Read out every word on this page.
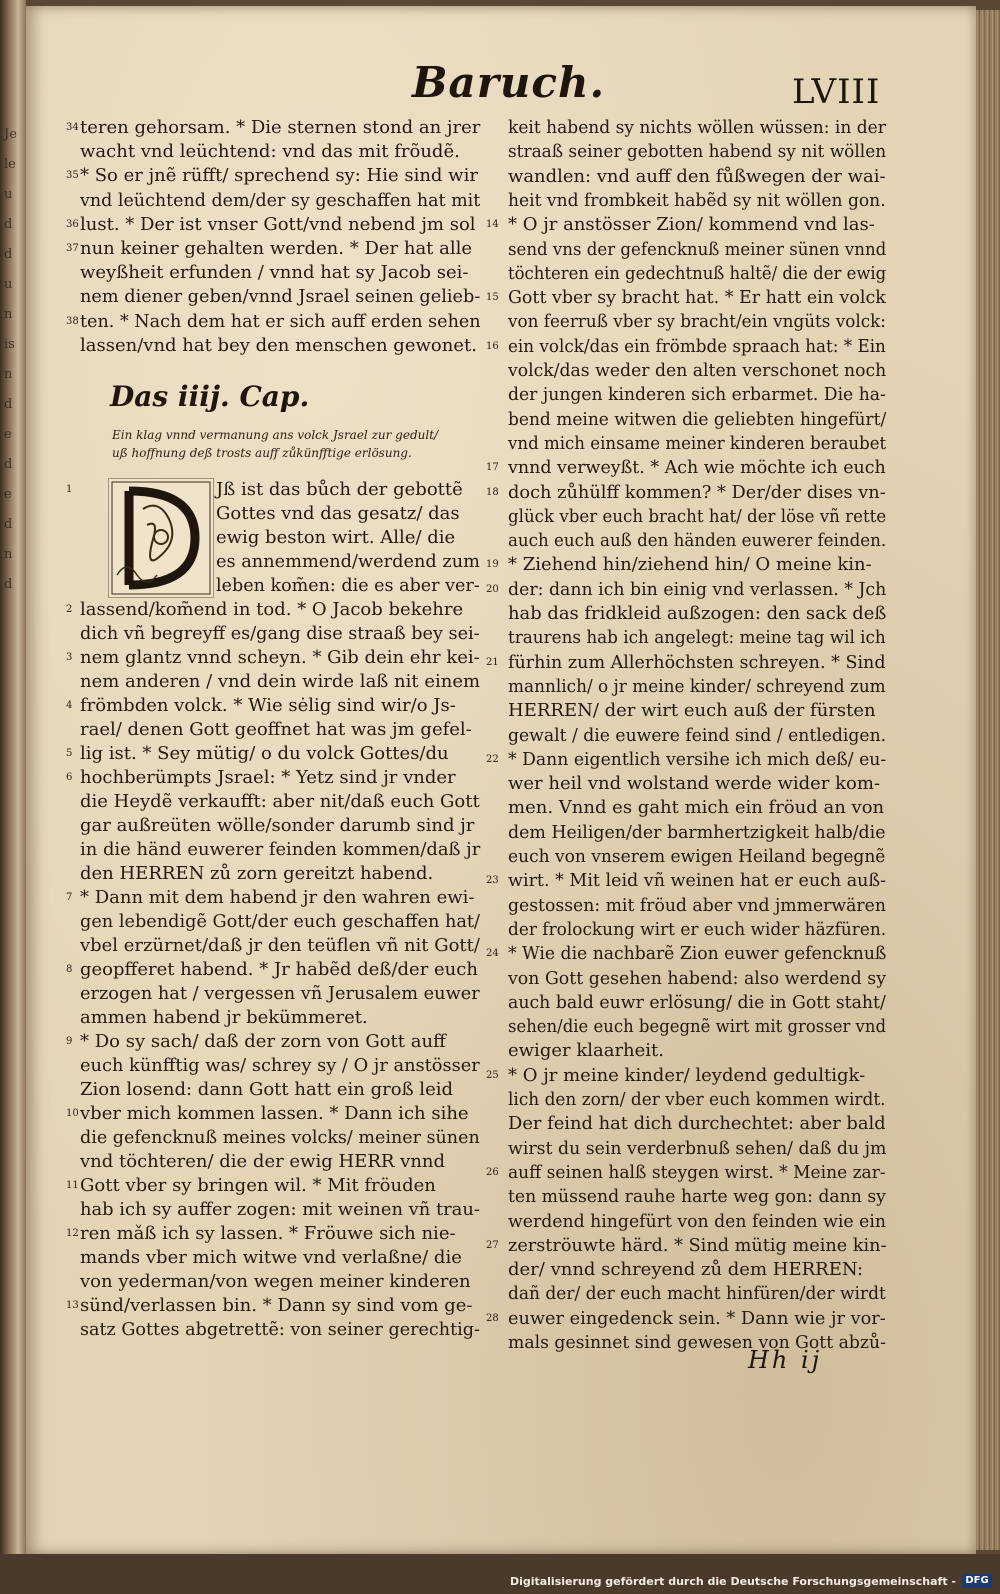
Je
le
u
d
d
u
n
is
n
d
e
d
e
d
n
d
Baruch.	LVIII
teren gehorsam. * Die sternen stond an jrer
34
wacht vnd leüchtend: vnd das mit frõudẽ.
* So er jnẽ rüfft/ sprechend sy: Hie sind wir
35
vnd leüchtend dem/der sy geschaffen hat mit
lust. * Der ist vnser Gott/vnd nebend jm sol
36
nun keiner gehalten werden. * Der hat alle
37
weyßheit erfunden / vnnd hat sy Jacob sei-
nem diener geben/vnnd Jsrael seinen gelieb-
ten. * Nach dem hat er sich auff erden sehen
38
lassen/vnd hat bey den menschen gewonet.
Das iiij. Cap.
Ein klag vnnd vermanung ans volck Jsrael zur gedult/
uß hoffnung deß trosts auff zůkünfftige erlösung.
Jß ist das bůch der gebottẽ
1
Gottes vnd das gesatz/ das
ewig beston wirt. Alle/ die
es annemmend/werdend zum
leben kom̃en: die es aber ver-
lassend/kom̃end in tod. * O Jacob bekehre
2
dich vñ begreyff es/gang dise straaß bey sei-
nem glantz vnnd scheyn. * Gib dein ehr kei-
3
nem anderen / vnd dein wirde laß nit einem
frömbden volck. * Wie sėlig sind wir/o Js-
4
rael/ denen Gott geoffnet hat was jm gefel-
lig ist. * Sey mütig/ o du volck Gottes/du
5
hochberümpts Jsrael: * Yetz sind jr vnder
6
die Heydẽ verkaufft: aber nit/daß euch Gott
gar außreüten wölle/sonder darumb sind jr
in die händ euwerer feinden kommen/daß jr
den HERREN zů zorn gereitzt habend.
* Dann mit dem habend jr den wahren ewi-
7
gen lebendigẽ Gott/der euch geschaffen hat/
vbel erzürnet/daß jr den teüflen vñ nit Gott/
geopfferet habend. * Jr habẽd deß/der euch
8
erzogen hat / vergessen vñ Jerusalem euwer
ammen habend jr bekümmeret.
* Do sy sach/ daß der zorn von Gott auff
9
euch künfftig was/ schrey sy / O jr anstösser
Zion losend: dann Gott hatt ein groß leid
vber mich kommen lassen. * Dann ich sihe
10
die gefencknuß meines volcks/ meiner sünen
vnd töchteren/ die der ewig HERR vnnd
Gott vber sy bringen wil. * Mit fröuden
11
hab ich sy auffer zogen: mit weinen vñ trau-
ren mǎß ich sy lassen. * Fröuwe sich nie-
12
mands vber mich witwe vnd verlaßne/ die
von yederman/von wegen meiner kinderen
sünd/verlassen bin. * Dann sy sind vom ge-
13
satz Gottes abgetrettẽ: von seiner gerechtig-
keit habend sy nichts wöllen wüssen: in der
straaß seiner gebotten habend sy nit wöllen
wandlen: vnd auff den fůßwegen der wai-
heit vnd frombkeit habẽd sy nit wöllen gon.
* O jr anstösser Zion/ kommend vnd las-
14
send vns der gefencknuß meiner sünen vnnd
töchteren ein gedechtnuß haltẽ/ die der ewig
Gott vber sy bracht hat. * Er hatt ein volck
15
von feerruß vber sy bracht/ein vngüts volck:
ein volck/das ein frömbde spraach hat: * Ein
16
volck/das weder den alten verschonet noch
der jungen kinderen sich erbarmet. Die ha-
bend meine witwen die geliebten hingefürt/
vnd mich einsame meiner kinderen beraubet
vnnd verweyßt. * Ach wie möchte ich euch
17
doch zůhülff kommen? * Der/der dises vn-
18
glück vber euch bracht hat/ der löse vñ rette
auch euch auß den händen euwerer feinden.
* Ziehend hin/ziehend hin/ O meine kin-
19
der: dann ich bin einig vnd verlassen. * Jch
20
hab das fridkleid außzogen: den sack deß
traurens hab ich angelegt: meine tag wil ich
fürhin zum Allerhöchsten schreyen. * Sind
21
mannlich/ o jr meine kinder/ schreyend zum
HERREN/ der wirt euch auß der fürsten
gewalt / die euwere feind sind / entledigen.
* Dann eigentlich versihe ich mich deß/ eu-
22
wer heil vnd wolstand werde wider kom-
men. Vnnd es gaht mich ein fröud an von
dem Heiligen/der barmhertzigkeit halb/die
euch von vnserem ewigen Heiland begegnẽ
wirt. * Mit leid vñ weinen hat er euch auß-
23
gestossen: mit fröud aber vnd jmmerwären
der frolockung wirt er euch wider häzfüren.
* Wie die nachbarẽ Zion euwer gefencknuß
24
von Gott gesehen habend: also werdend sy
auch bald euwr erlösung/ die in Gott staht/
sehen/die euch begegnẽ wirt mit grosser vnd
ewiger klaarheit.
* O jr meine kinder/ leydend gedultigk-
25
lich den zorn/ der vber euch kommen wirdt.
Der feind hat dich durchechtet: aber bald
wirst du sein verderbnuß sehen/ daß du jm
auff seinen halß steygen wirst. * Meine zar-
26
ten müssend rauhe harte weg gon: dann sy
werdend hingefürt von den feinden wie ein
zerströuwte härd. * Sind mütig meine kin-
27
der/ vnnd schreyend zů dem HERREN:
dañ der/ der euch macht hinfüren/der wirdt
euwer eingedenck sein. * Dann wie jr vor-
28
mals gesinnet sind gewesen von Gott abzů-
Hh ij
Digitalisierung gefördert durch die Deutsche Forschungsgemeinschaft - DFG
